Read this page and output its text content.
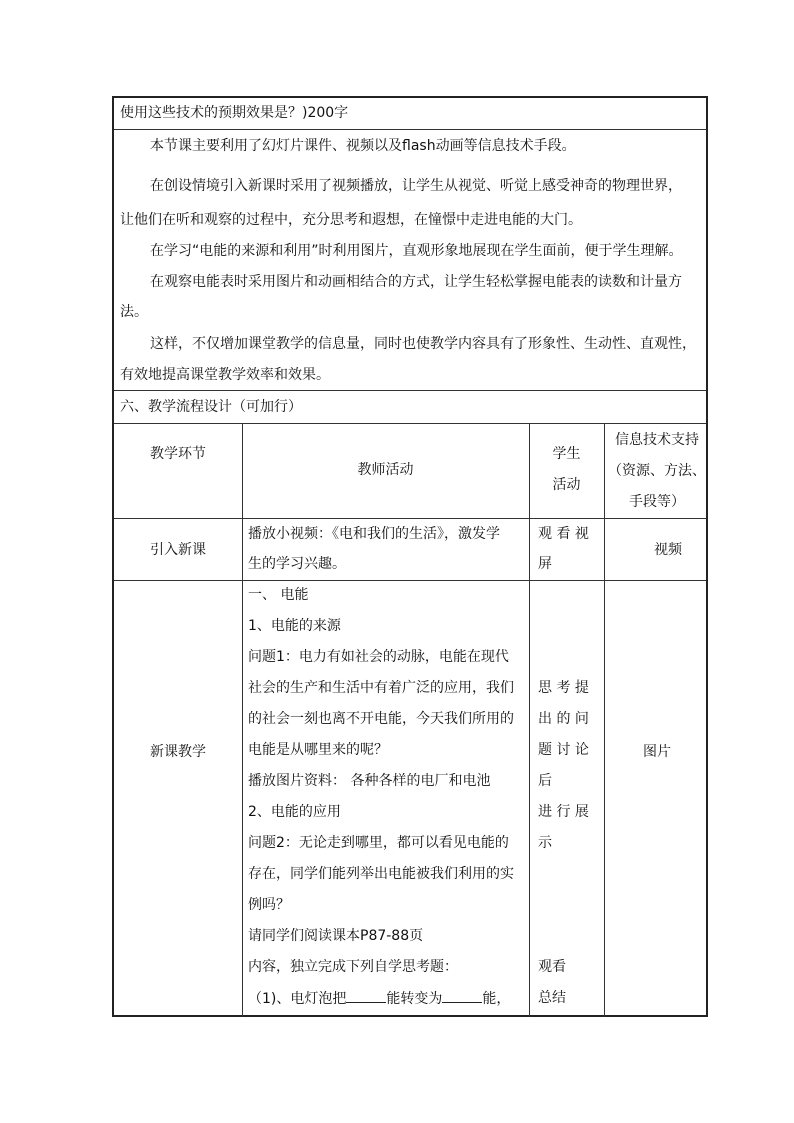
使用这些技术的预期效果是？)200字
本节课主要利用了幻灯片课件、视频以及flash动画等信息技术手段。
在创设情境引入新课时采用了视频播放，让学生从视觉、听觉上感受神奇的物理世界，
让他们在听和观察的过程中，充分思考和遐想，在憧憬中走进电能的大门。
在学习“电能的来源和利用”时利用图片，直观形象地展现在学生面前，便于学生理解。
在观察电能表时采用图片和动画相结合的方式，让学生轻松掌握电能表的读数和计量方
法。
这样，不仅增加课堂教学的信息量，同时也使教学内容具有了形象性、生动性、直观性，
有效地提高课堂教学效率和效果。
六、教学流程设计（可加行）
教学环节
教师活动
学生
活动
信息技术支持
（资源、方法、
手段等）
引入新课
播放小视频：《电和我们的生活》，激发学
生的学习兴趣。
观 看 视
屏
视频
新课教学
一、 电能
1、电能的来源
问题1：电力有如社会的动脉，电能在现代
社会的生产和生活中有着广泛的应用，我们
的社会一刻也离不开电能，今天我们所用的
电能是从哪里来的呢？
播放图片资料： 各种各样的电厂和电池
2、电能的应用
问题2：无论走到哪里，都可以看见电能的
存在，同学们能列举出电能被我们利用的实
例吗？
请同学们阅读课本P87-88页
内容，独立完成下列自学思考题：
（1)、电灯泡把	能转变为	能，
思 考 提
出 的 问
题 讨 论
后
进 行 展
示
观看
总结
图片
